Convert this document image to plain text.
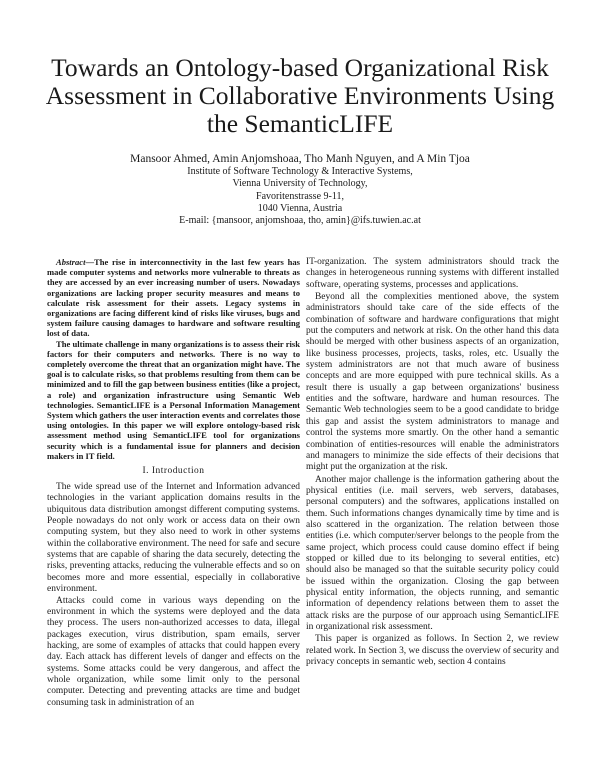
Towards an Ontology-based Organizational Risk
Assessment in Collaborative Environments Using
the SemanticLIFE

Mansoor Ahmed, Amin Anjomshoaa, Tho Manh Nguyen, and A Min Tjoa

Institute of Software Technology & Interactive Systems,
Vienna University of Technology,
Favoritenstrasse 9-11,
1040 Vienna, Austria
E-mail: {mansoor, anjomshoaa, tho, amin}@ifs.tuwien.ac.at

Abstract—The rise in interconnectivity in the last few years has made computer systems and networks more vulnerable to threats as they are accessed by an ever increasing number of users. Nowadays organizations are lacking proper security measures and means to calculate risk assessment for their assets. Legacy systems in organizations are facing different kind of risks like viruses, bugs and system failure causing damages to hardware and software resulting lost of data.

The ultimate challenge in many organizations is to assess their risk factors for their computers and networks. There is no way to completely overcome the threat that an organization might have. The goal is to calculate risks, so that problems resulting from them can be minimized and to fill the gap between business entities (like a project, a role) and organization infrastructure using Semantic Web technologies. SemanticLIFE is a Personal Information Management System which gathers the user interaction events and correlates those using ontologies. In this paper we will explore ontology-based risk assessment method using SemanticLIFE tool for organizations security which is a fundamental issue for planners and decision makers in IT field.

I. Introduction

The wide spread use of the Internet and Information advanced technologies in the variant application domains results in the ubiquitous data distribution amongst different computing systems. People nowadays do not only work or access data on their own computing system, but they also need to work in other systems within the collaborative environment. The need for safe and secure systems that are capable of sharing the data securely, detecting the risks, preventing attacks, reducing the vulnerable effects and so on becomes more and more essential, especially in collaborative environment.

Attacks could come in various ways depending on the environment in which the systems were deployed and the data they process. The users non-authorized accesses to data, illegal packages execution, virus distribution, spam emails, server hacking, are some of examples of attacks that could happen every day. Each attack has different levels of danger and effects on the systems. Some attacks could be very dangerous, and affect the whole organization, while some limit only to the personal computer. Detecting and preventing attacks are time and budget consuming task in administration of an

IT-organization. The system administrators should track the changes in heterogeneous running systems with different installed software, operating systems, processes and applications.

Beyond all the complexities mentioned above, the system administrators should take care of the side effects of the combination of software and hardware configurations that might put the computers and network at risk. On the other hand this data should be merged with other business aspects of an organization, like business processes, projects, tasks, roles, etc. Usually the system administrators are not that much aware of business concepts and are more equipped with pure technical skills. As a result there is usually a gap between organizations' business entities and the software, hardware and human resources. The Semantic Web technologies seem to be a good candidate to bridge this gap and assist the system administrators to manage and control the systems more smartly. On the other hand a semantic combination of entities-resources will enable the administrators and managers to minimize the side effects of their decisions that might put the organization at the risk.

Another major challenge is the information gathering about the physical entities (i.e. mail servers, web servers, databases, personal computers) and the softwares, applications installed on them. Such informations changes dynamically time by time and is also scattered in the organization. The relation between those entities (i.e. which computer/server belongs to the people from the same project, which process could cause domino effect if being stopped or killed due to its belonging to several entities, etc) should also be managed so that the suitable security policy could be issued within the organization. Closing the gap between physical entity information, the objects running, and semantic information of dependency relations between them to asset the attack risks are the purpose of our approach using SemanticLIFE in organizational risk assessment.

This paper is organized as follows. In Section 2, we review related work. In Section 3, we discuss the overview of security and privacy concepts in semantic web, section 4 contains
